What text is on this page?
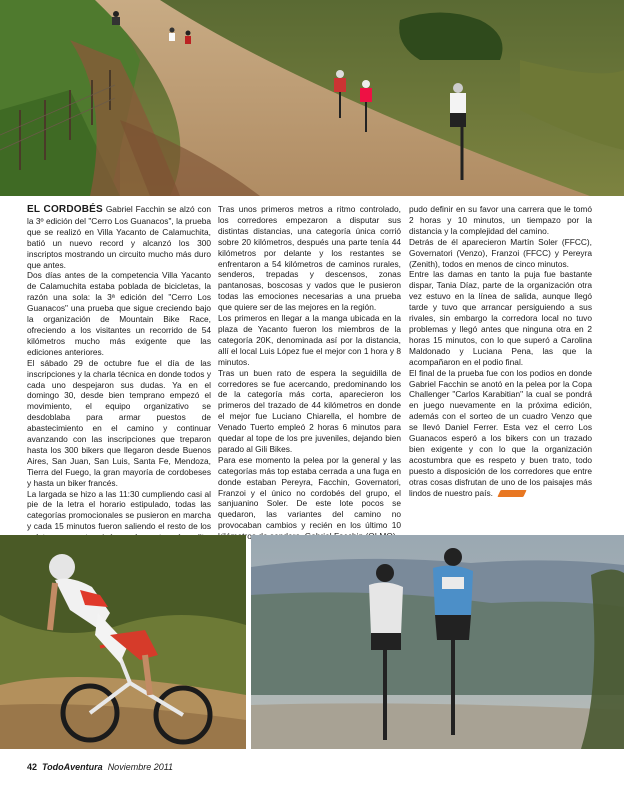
EL CORDOBÉS Gabriel Facchin se alzó con la 3º edición del "Cerro Los Guanacos", la prueba que se realizó en Villa Yacanto de Calamuchita, batió un nuevo record y alcanzó los 300 inscriptos mostrando un circuito mucho más duro que antes.

Dos días antes de la competencia Villa Yacanto de Calamuchita estaba poblada de bicicletas, la razón una sola: la 3ª edición del "Cerro Los Guanacos" una prueba que sigue creciendo bajo la organización de Mountain Bike Race, ofreciendo a los visitantes un recorrido de 54 kilómetros mucho más exigente que las ediciones anteriores.

El sábado 29 de octubre fue el día de las inscripciones y la charla técnica en donde todos y cada uno despejaron sus dudas. Ya en el domingo 30, desde bien temprano empezó el movimiento, el equipo organizativo se desdoblaba para armar puestos de abastecimiento en el camino y continuar avanzando con las inscripciones que treparon hasta los 300 bikers que llegaron desde Buenos Aires, San Juan, San Luis, Santa Fe, Mendoza, Tierra del Fuego, la gran mayoría de cordobeses y hasta un biker francés.

La largada se hizo a las 11:30 cumpliendo casi al pie de la letra el horario estipulado, todas las categorías promocionales se pusieron en marcha y cada 15 minutos fueron saliendo el resto de los

Tras unos primeros metros a ritmo controlado, los corredores empezaron a disputar sus distintas distancias, una categoría única corrió sobre 20 kilómetros, después una parte tenía 44 kilómetros por delante y los restantes se enfrentaron a 54 kilómetros de caminos rurales, senderos, trepadas y descensos, zonas pantanosas, boscosas y vados que le pusieron todas las emociones necesarias a una prueba que quiere ser de las mejores en la región.

Los primeros en llegar a la manga ubicada en la plaza de Yacanto fueron los miembros de la categoría 20K, denominada así por la distancia, allí el local Luis López fue el mejor con 1 hora y 8 minutos.

Tras un buen rato de espera la seguidilla de corredores se fue acercando, predominando los de la categoría más corta, aparecieron los primeros del trazado de 44 kilómetros en donde el mejor fue Luciano Chiarella, el hombre de Venado Tuerto empleó 2 horas 6 minutos para quedar al tope de los pre juveniles, dejando bien parado al Gili Bikes.

Para ese momento la pelea por la general y las categorías más top estaba cerrada a una fuga en donde estaban Pereyra, Facchin, Governatori, Franzoi y el único no cordobés del grupo, el sanjuanino Soler. De este lote pocos se quedaron, las variantes del camino no provocaban cambios y recién en los último 10

pudo definir en su favor una carrera que le tomó 2 horas y 10 minutos, un tiempazo por la distancia y la complejidad del camino.

Detrás de él aparecieron Martín Soler (FFCC), Governatori (Venzo), Franzoi (FFCC) y Pereyra (Zenith), todos en menos de cinco minutos.

Entre las damas en tanto la puja fue bastante dispar, Tania Díaz, parte de la organización otra vez estuvo en la línea de salida, aunque llegó tarde y tuvo que arrancar persiguiendo a sus rivales, sin embargo la corredora local no tuvo problemas y llegó antes que ninguna otra en 2 horas 15 minutos, con lo que superó a Carolina Maldonado y Luciana Pena, las que la acompañaron en el podio final.

El final de la prueba fue con los podios en donde Gabriel Facchin se anotó en la pelea por la Copa Challenger "Carlos Karabitian" la cual se pondrá en juego nuevamente en la próxima edición, además con el sorteo de un cuadro Venzo que se llevó Daniel Ferrer. Esta vez el cerro Los Guanacos esperó a los bikers con un trazado bien exigente y con lo que la organización acostumbra que es respeto y buen trato, todo puesto a disposición de los corredores que entre otras cosas disfrutan de uno de los paisajes más lindos de nuestro país.

42 TodoAventura Noviembre 2011
